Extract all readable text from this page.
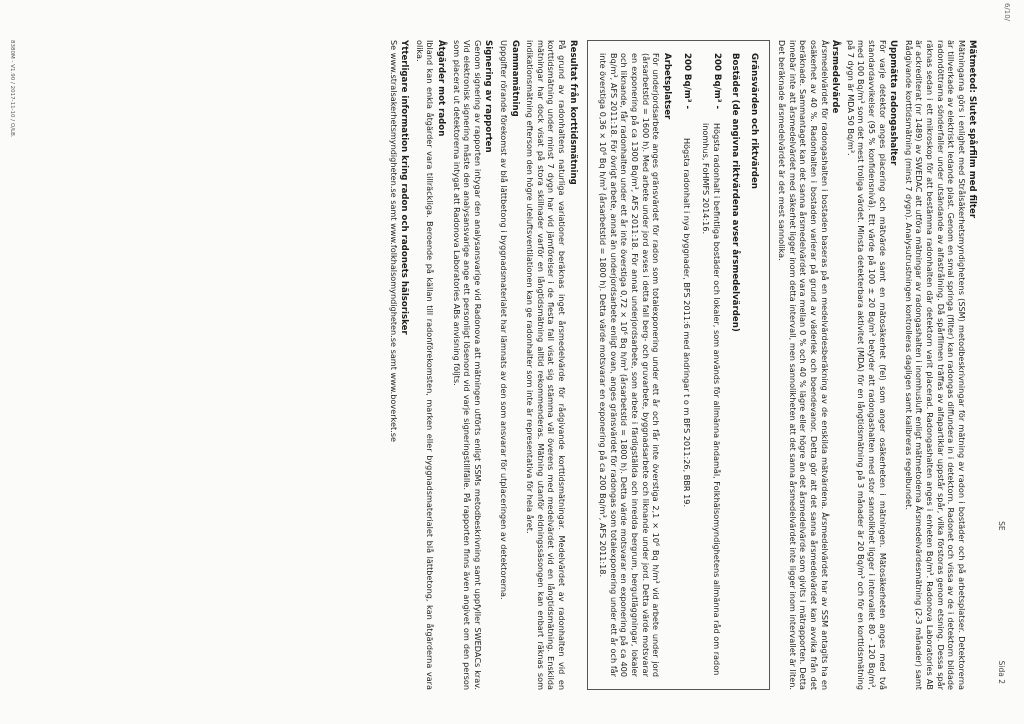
SE
Sida 2
Mätmetod: Slutet spårfilm med filter

Mätningarna görs i enlighet med Strålsäkerhetsmyndighetens (SSM) metodbeskrivningar för mätning av radon i bostäder och på arbetsplatser. Detektorerna är tillverkade av elektriskt ledande plast. Genom en smal springa (filter) kan radongas diffundera in i detektorn. Radonet och vissa av de i detektorn bildade radondöttrarna sönderfaller under utsändande av alfastrålning. Då spårfilmen träffas av alfapartiklar uppstår spår, vilka förstoras genom etsning. Dessa spår räknas sedan i ett mikroskop för att bestämma radonhalten där detektorn varit placerad. Radongashalten anges i enheten Bq/m³. Radonova Laboratories AB är ackrediterat (nr 1489) av SWEDAC att utföra mätningar av radongashalten i inomhusluft enligt mätmetoderna Årsmedelvärdesmätning (2-3 månader) samt Rådgivande korttidsmätning (minst 7 dygn). Analysutrustningen kontrolleras dagligen samt kalibreras regelbundet.

Uppmätta radongashalter

För varje detektor anges placering och mätvärde samt en mätosäkerhet (fel) som anger osäkerheten i mätningen. Mätosäkerheten anges med två standardavvikelser (95 % konfidensnivå). Ett värde på 100 ± 20 Bq/m³ betyder att radongashalten med stor sannolikhet ligger i intervallet 80 - 120 Bq/m³, med 100 Bq/m³ som det mest troliga värdet. Minsta detekterbara aktivitet (MDA) för en långtidsmätning på 3 månader är 20 Bq/m³ och för en korttidsmätning på 7 dygn är MDA 50 Bq/m³.

Årsmedelvärde

Årsmedelvärdet för radongashalten i bostaden baseras på en medelvärdesberäkning av de enskilda mätvärdena. Årsmedelvärdet har av SSM antagits ha en osäkerhet av 40 %. Radonhalten i bostaden varierar på grund av väderlek och boendevanor. Detta gör att det sanna årsmedelvärdet kan avvika från det beräknade. Sammantaget kan det sanna årsmedelvärdet vara mellan 0 % och 40 % lägre eller högre än det årsmedelvärde som givits i mätrapporten. Detta innebär inte att årsmedelvärdet med säkerhet ligger inom detta intervall, men sannolikheten att det sanna årsmedelvärdet inte ligger inom intervallet är liten. Det beräknade årsmedelvärdet är det mest sannolika.

Gränsvärden och riktvärden
Bostäder (de angivna riktvärdena avser årsmedelvärden)
200 Bq/m³ -
Högsta radonhalt i befintliga bostäder och lokaler, som används för allmänna ändamål, Folkhälsomyndighetens allmänna råd om radon inomhus, FoHMFS 2014:16.
200 Bq/m³ -
Högsta radonhalt i nya byggnader, BFS 2011:6 med ändringar t o m BFS 2011:26, BBR 19.
Arbetsplatser

För underjordsarbete anges gränsvärdet för radon som totalexponering under ett år och får inte överstiga 2,1 × 10⁶ Bq h/m³ vid arbete under jord (årsarbetstid = 1600 h). Med arbete under jord avses i detta fall berg- och gruvarbete, byggnadsarbete och liknande under jord. Detta värde motsvarar en exponering på ca 1300 Bq/m³, AFS 2011:18. För annat underjordsarbete, som arbete i färdigställda och inredda bergrum, bergutläggningar, lokaler och liknande, får radonhalten under ett år inte överstiga 0,72 × 10⁶ Bq h/m³ (årsarbetstid = 1800 h). Detta värde motsvarar en exponering på ca 400 Bq/m³, AFS 2011:18. För övrigt arbete, annat än underjordsarbete enligt ovan, anges gränsvärdet för radongas som totalexponering under ett år och får inte överstiga 0,36 × 10⁶ Bq h/m³ (årsarbetstid = 1800 h). Detta värde motsvarar en exponering på ca 200 Bq/m³, AFS 2011:18.

Resultat från korttidsmätning

På grund av radonhaltens naturliga variationer beräknas inget årsmedelvärde för rådgivande korttidsmätningar. Medelvärdet av radonhalten vid en korttidsmätning under minst 7 dygn har vid jämförelser i de flesta fall visat sig stämma väl överens med medelvärdet vid en långtidsmätning. Enskilda mätningar har dock visat på stora skillnader varför en långtidsmätning alltid rekommenderas. Mätning utanför eldningssäsongen kan enbart räknas som indikationsmätning eftersom den högre uteluftsventilationen kan ge radonhalter som inte är representativa för hela året.

Gammamätning

Uppgifter rörande förekomst av blå lättbetong i byggnadsmaterialet har lämnats av den som ansvarar för utplaceringen av detektorerna.

Signering av rapporten

Genom signering av rapporten intygar den analysansvarige vid Radonova att mätningen utförts enligt SSMs metodbeskrivning samt uppfyller SWEDACs krav. Vid elektronisk signering måste den analysansvarige ange ett personligt lösenord vid varje signeringstillfälle. På rapporten finns även angivet om den person som placerat ut detektorerna intygat att Radonova Laboratories ABs anvisning följts.

Åtgärder mot radon

Ibland kan enkla åtgärder vara tillräckliga. Beroende på källan till radonförekomsten, marken eller byggnadsmaterialet blå lättbetong, kan åtgärderna vara olika.

Ytterligare information kring radon och radonets hälsorisker

Se www.stralsakerhetsmyndigheten.se samt www.folkhalsomyndigheten.se samt www.boverket.se

8380M - V1.90 / 2017-11-10 / O/LB.
6/10/
